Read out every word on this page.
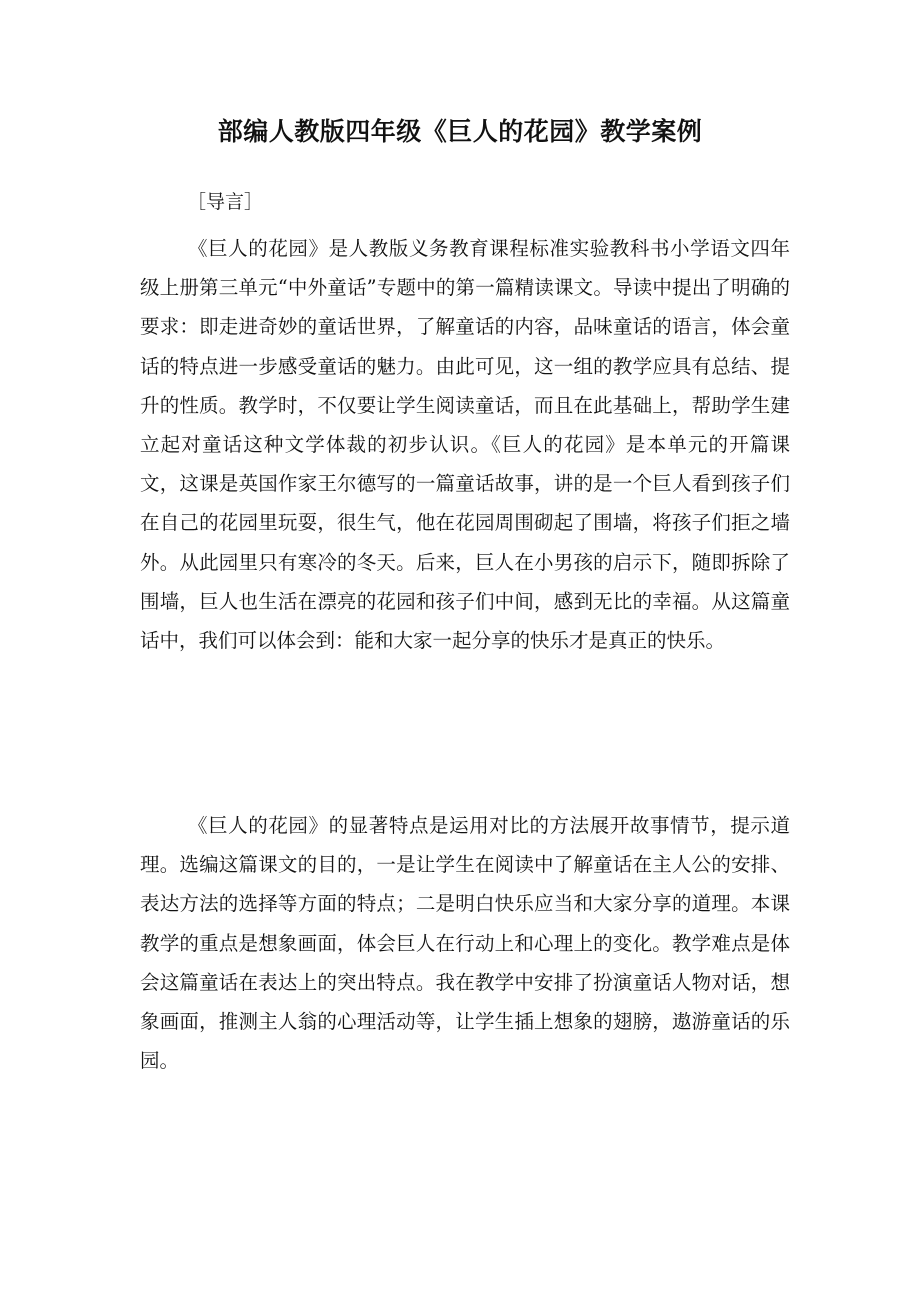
部编人教版四年级《巨人的花园》教学案例
［导言］

《巨人的花园》是人教版义务教育课程标准实验教科书小学语文四年级上册第三单元“中外童话”专题中的第一篇精读课文。导读中提出了明确的要求：即走进奇妙的童话世界，了解童话的内容，品味童话的语言，体会童话的特点进一步感受童话的魅力。由此可见，这一组的教学应具有总结、提升的性质。教学时，不仅要让学生阅读童话，而且在此基础上，帮助学生建立起对童话这种文学体裁的初步认识。《巨人的花园》是本单元的开篇课文，这课是英国作家王尔德写的一篇童话故事，讲的是一个巨人看到孩子们在自己的花园里玩耍，很生气，他在花园周围砌起了围墙，将孩子们拒之墙外。从此园里只有寒冷的冬天。后来，巨人在小男孩的启示下，随即拆除了围墙，巨人也生活在漂亮的花园和孩子们中间，感到无比的幸福。从这篇童话中，我们可以体会到：能和大家一起分享的快乐才是真正的快乐。

《巨人的花园》的显著特点是运用对比的方法展开故事情节，提示道理。选编这篇课文的目的，一是让学生在阅读中了解童话在主人公的安排、表达方法的选择等方面的特点；二是明白快乐应当和大家分享的道理。本课教学的重点是想象画面，体会巨人在行动上和心理上的变化。教学难点是体会这篇童话在表达上的突出特点。我在教学中安排了扮演童话人物对话，想象画面，推测主人翁的心理活动等，让学生插上想象的翅膀，遨游童话的乐园。
